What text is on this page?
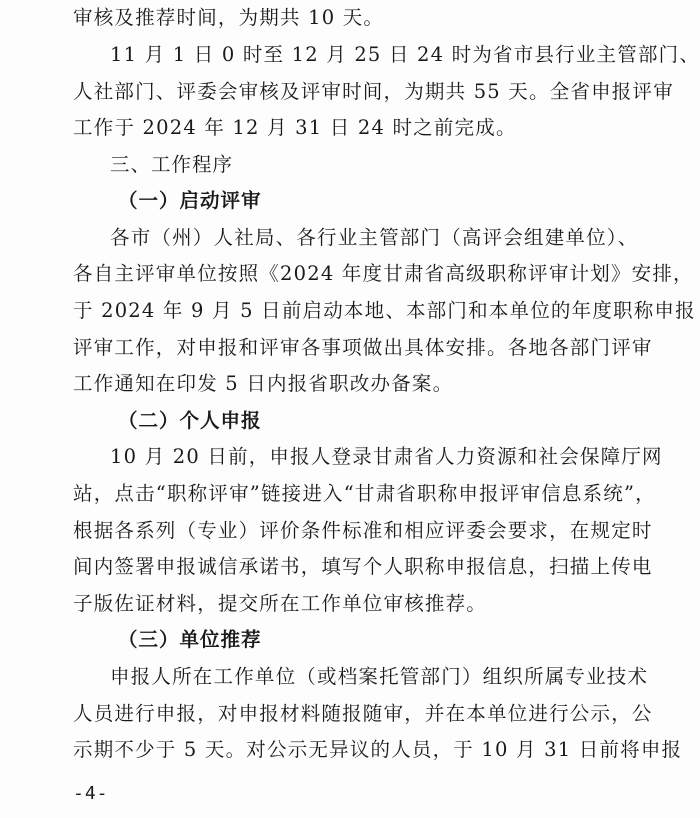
审核及推荐时间，为期共 10 天。
11 月 1 日 0 时至 12 月 25 日 24 时为省市县行业主管部门、
人社部门、评委会审核及评审时间，为期共 55 天。全省申报评审
工作于 2024 年 12 月 31 日 24 时之前完成。
三、工作程序
（一）启动评审
各市（州）人社局、各行业主管部门（高评会组建单位）、
各自主评审单位按照《2024 年度甘肃省高级职称评审计划》安排，
于 2024 年 9 月 5 日前启动本地、本部门和本单位的年度职称申报
评审工作，对申报和评审各事项做出具体安排。各地各部门评审
工作通知在印发 5 日内报省职改办备案。
（二）个人申报
10 月 20 日前，申报人登录甘肃省人力资源和社会保障厅网
站，点击“职称评审”链接进入“甘肃省职称申报评审信息系统”，
根据各系列（专业）评价条件标准和相应评委会要求，在规定时
间内签署申报诚信承诺书，填写个人职称申报信息，扫描上传电
子版佐证材料，提交所在工作单位审核推荐。
（三）单位推荐
申报人所在工作单位（或档案托管部门）组织所属专业技术
人员进行申报，对申报材料随报随审，并在本单位进行公示，公
示期不少于 5 天。对公示无异议的人员，于 10 月 31 日前将申报
-4-
